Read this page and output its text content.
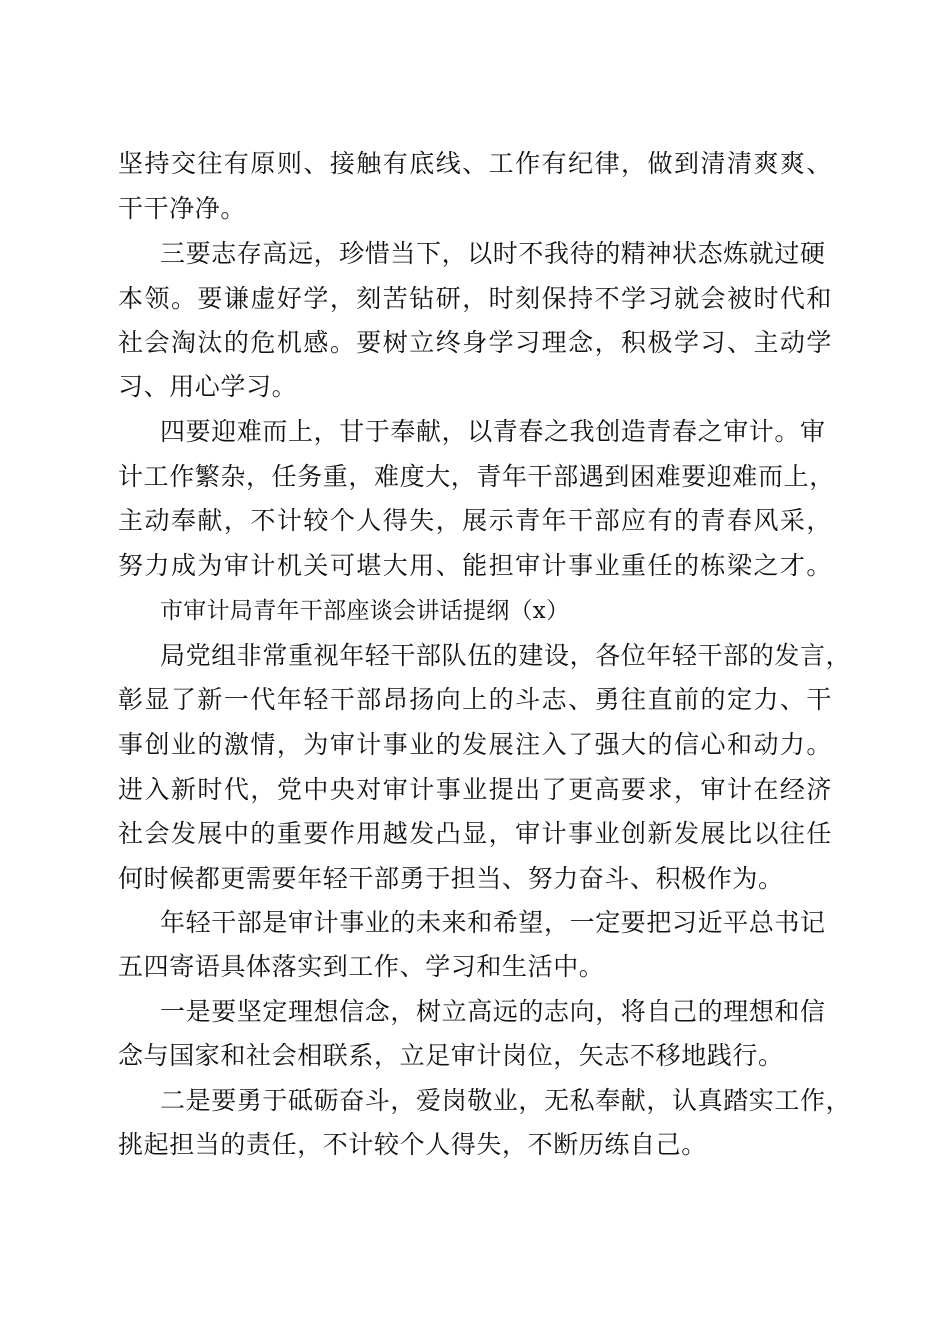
坚持交往有原则、接触有底线、工作有纪律，做到清清爽爽、
干干净净。
三要志存高远，珍惜当下，以时不我待的精神状态炼就过硬
本领。要谦虚好学，刻苦钻研，时刻保持不学习就会被时代和
社会淘汰的危机感。要树立终身学习理念，积极学习、主动学
习、用心学习。
四要迎难而上，甘于奉献，以青春之我创造青春之审计。审
计工作繁杂，任务重，难度大，青年干部遇到困难要迎难而上，
主动奉献，不计较个人得失，展示青年干部应有的青春风采，
努力成为审计机关可堪大用、能担审计事业重任的栋梁之才。
市审计局青年干部座谈会讲话提纲（x）
局党组非常重视年轻干部队伍的建设，各位年轻干部的发言，
彰显了新一代年轻干部昂扬向上的斗志、勇往直前的定力、干
事创业的激情，为审计事业的发展注入了强大的信心和动力。
进入新时代，党中央对审计事业提出了更高要求，审计在经济
社会发展中的重要作用越发凸显，审计事业创新发展比以往任
何时候都更需要年轻干部勇于担当、努力奋斗、积极作为。
年轻干部是审计事业的未来和希望，一定要把习近平总书记
五四寄语具体落实到工作、学习和生活中。
一是要坚定理想信念，树立高远的志向，将自己的理想和信
念与国家和社会相联系，立足审计岗位，矢志不移地践行。
二是要勇于砥砺奋斗，爱岗敬业，无私奉献，认真踏实工作，
挑起担当的责任，不计较个人得失，不断历练自己。
